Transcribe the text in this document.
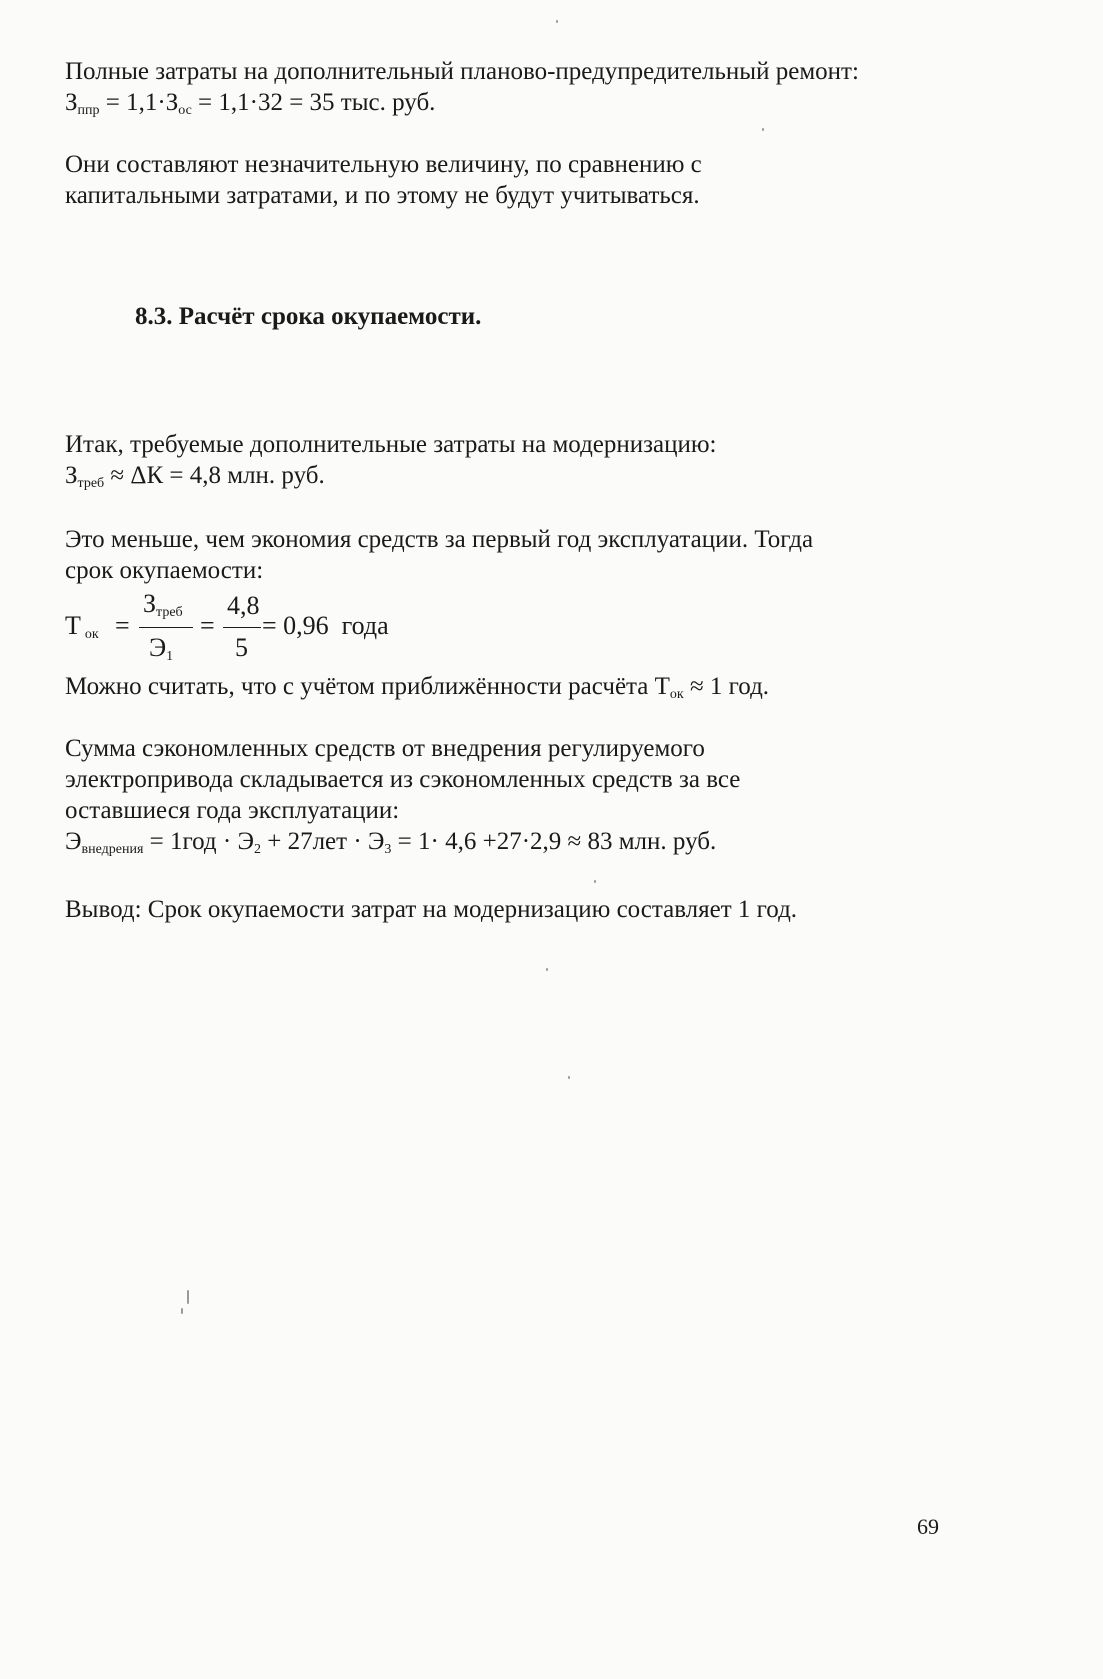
Полные затраты на дополнительный планово-предупредительный ремонт:
$З_{ппр} = 1,1\cdot З_{ос} = 1,1\cdot 32 = 35$ тыс. руб.
Они составляют незначительную величину, по сравнению с
капитальными затратами, и по этому не будут учитываться.
8.3. Расчёт срока окупаемости.
Итак, требуемые дополнительные затраты на модернизацию:
$З_{треб} \approx \Delta К = 4,8$ млн. руб.
Это меньше, чем экономия средств за первый год эксплуатации. Тогда
срок окупаемости:
Т $_{ок}$ =
$З_{треб}$
$Э_1$
=
4,8
5
= 0,96  года
Можно считать, что с учётом приближённости расчёта $Т_{ок} \approx 1$ год.
Сумма сэкономленных средств от внедрения регулируемого
электропривода складывается из сэкономленных средств за все
оставшиеся года эксплуатации:
$Э_{внедрения} = 1год \cdot Э_2 + 27лет \cdot Э_3 = 1\cdot 4,6 +27\cdot 2,9 \approx 83$ млн. руб.
Вывод: Срок окупаемости затрат на модернизацию составляет 1 год.
69
